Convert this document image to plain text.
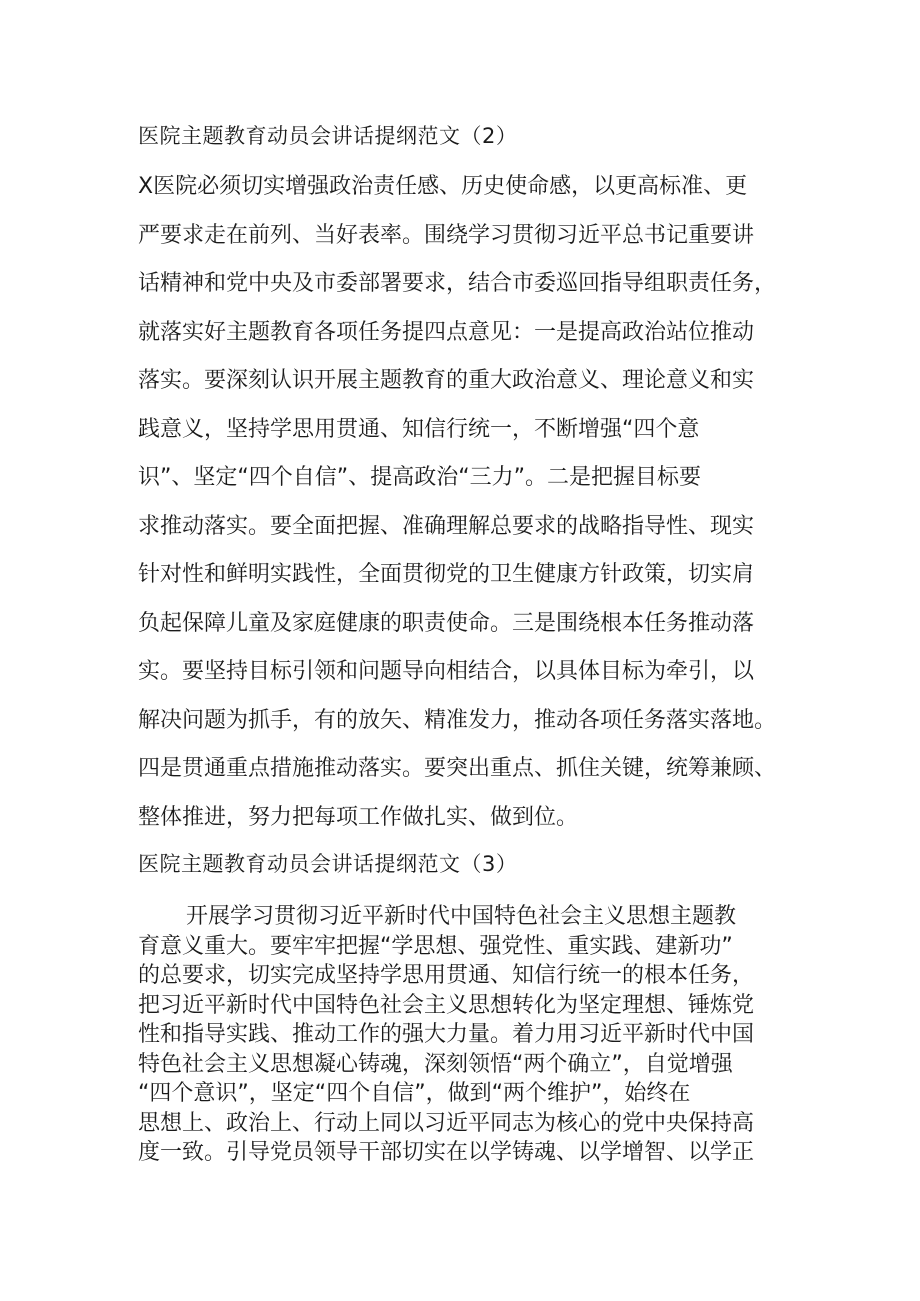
医院主题教育动员会讲话提纲范文（2）
X医院必须切实增强政治责任感、历史使命感，以更高标准、更
严要求走在前列、当好表率。围绕学习贯彻习近平总书记重要讲
话精神和党中央及市委部署要求，结合市委巡回指导组职责任务，
就落实好主题教育各项任务提四点意见：一是提高政治站位推动
落实。要深刻认识开展主题教育的重大政治意义、理论意义和实
践意义，坚持学思用贯通、知信行统一，不断增强“四个意
识”、坚定“四个自信”、提高政治“三力”。二是把握目标要
求推动落实。要全面把握、准确理解总要求的战略指导性、现实
针对性和鲜明实践性，全面贯彻党的卫生健康方针政策，切实肩
负起保障儿童及家庭健康的职责使命。三是围绕根本任务推动落
实。要坚持目标引领和问题导向相结合，以具体目标为牵引，以
解决问题为抓手，有的放矢、精准发力，推动各项任务落实落地。
四是贯通重点措施推动落实。要突出重点、抓住关键，统筹兼顾、
整体推进，努力把每项工作做扎实、做到位。
医院主题教育动员会讲话提纲范文（3）
开展学习贯彻习近平新时代中国特色社会主义思想主题教
育意义重大。要牢牢把握“学思想、强党性、重实践、建新功”
的总要求，切实完成坚持学思用贯通、知信行统一的根本任务，
把习近平新时代中国特色社会主义思想转化为坚定理想、锤炼党
性和指导实践、推动工作的强大力量。着力用习近平新时代中国
特色社会主义思想凝心铸魂，深刻领悟“两个确立”，自觉增强
“四个意识”，坚定“四个自信”，做到“两个维护”，始终在
思想上、政治上、行动上同以习近平同志为核心的党中央保持高
度一致。引导党员领导干部切实在以学铸魂、以学增智、以学正
